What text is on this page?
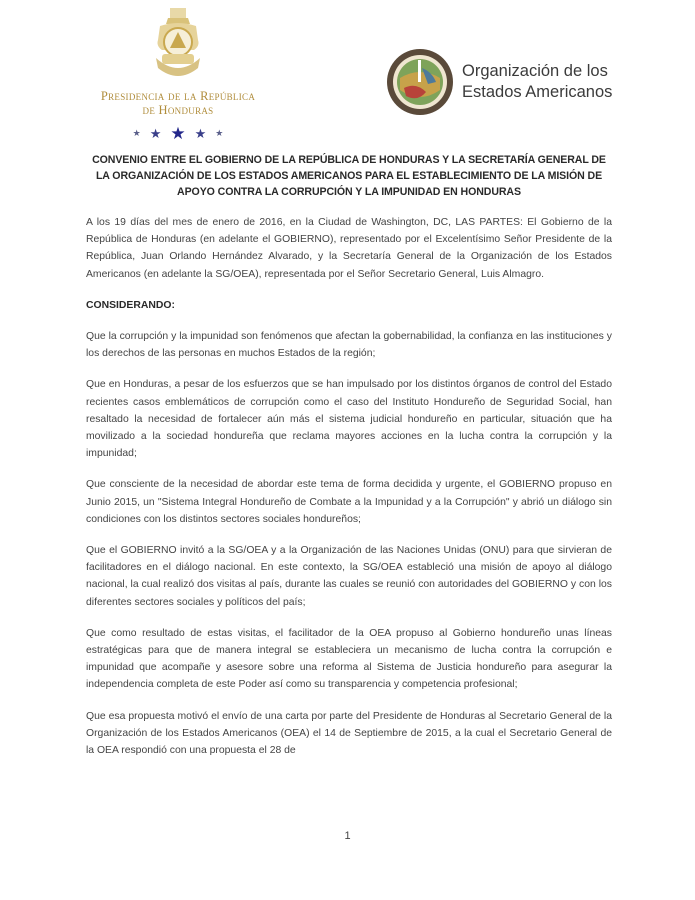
Presidencia de la República
de Honduras
★ ★ ★ ★ ★
Organización de los
Estados Americanos
CONVENIO ENTRE EL GOBIERNO DE LA REPÚBLICA DE HONDURAS Y LA SECRETARÍA GENERAL DE LA ORGANIZACIÓN DE LOS ESTADOS AMERICANOS PARA EL ESTABLECIMIENTO DE LA MISIÓN DE APOYO CONTRA LA CORRUPCIÓN Y LA IMPUNIDAD EN HONDURAS

A los 19 días del mes de enero de 2016, en la Ciudad de Washington, DC, LAS PARTES: El Gobierno de la República de Honduras (en adelante el GOBIERNO), representado por el Excelentísimo Señor Presidente de la República, Juan Orlando Hernández Alvarado, y la Secretaría General de la Organización de los Estados Americanos (en adelante la SG/OEA), representada por el Señor Secretario General, Luis Almagro.

CONSIDERANDO:

Que la corrupción y la impunidad son fenómenos que afectan la gobernabilidad, la confianza en las instituciones y los derechos de las personas en muchos Estados de la región;

Que en Honduras, a pesar de los esfuerzos que se han impulsado por los distintos órganos de control del Estado recientes casos emblemáticos de corrupción como el caso del Instituto Hondureño de Seguridad Social, han resaltado la necesidad de fortalecer aún más el sistema judicial hondureño en particular, situación que ha movilizado a la sociedad hondureña que reclama mayores acciones en la lucha contra la corrupción y la impunidad;

Que consciente de la necesidad de abordar este tema de forma decidida y urgente, el GOBIERNO propuso en Junio 2015, un "Sistema Integral Hondureño de Combate a la Impunidad y a la Corrupción" y abrió un diálogo sin condiciones con los distintos sectores sociales hondureños;

Que el GOBIERNO invitó a la SG/OEA y a la Organización de las Naciones Unidas (ONU) para que sirvieran de facilitadores en el diálogo nacional. En este contexto, la SG/OEA estableció una misión de apoyo al diálogo nacional, la cual realizó dos visitas al país, durante las cuales se reunió con autoridades del GOBIERNO y con los diferentes sectores sociales y políticos del país;

Que como resultado de estas visitas, el facilitador de la OEA propuso al Gobierno hondureño unas líneas estratégicas para que de manera integral se estableciera un mecanismo de lucha contra la corrupción e impunidad que acompañe y asesore sobre una reforma al Sistema de Justicia hondureño para asegurar la independencia completa de este Poder así como su transparencia y competencia profesional;

Que esa propuesta motivó el envío de una carta por parte del Presidente de Honduras al Secretario General de la Organización de los Estados Americanos (OEA) el 14 de Septiembre de 2015, a la cual el Secretario General de la OEA respondió con una propuesta el 28 de

1
